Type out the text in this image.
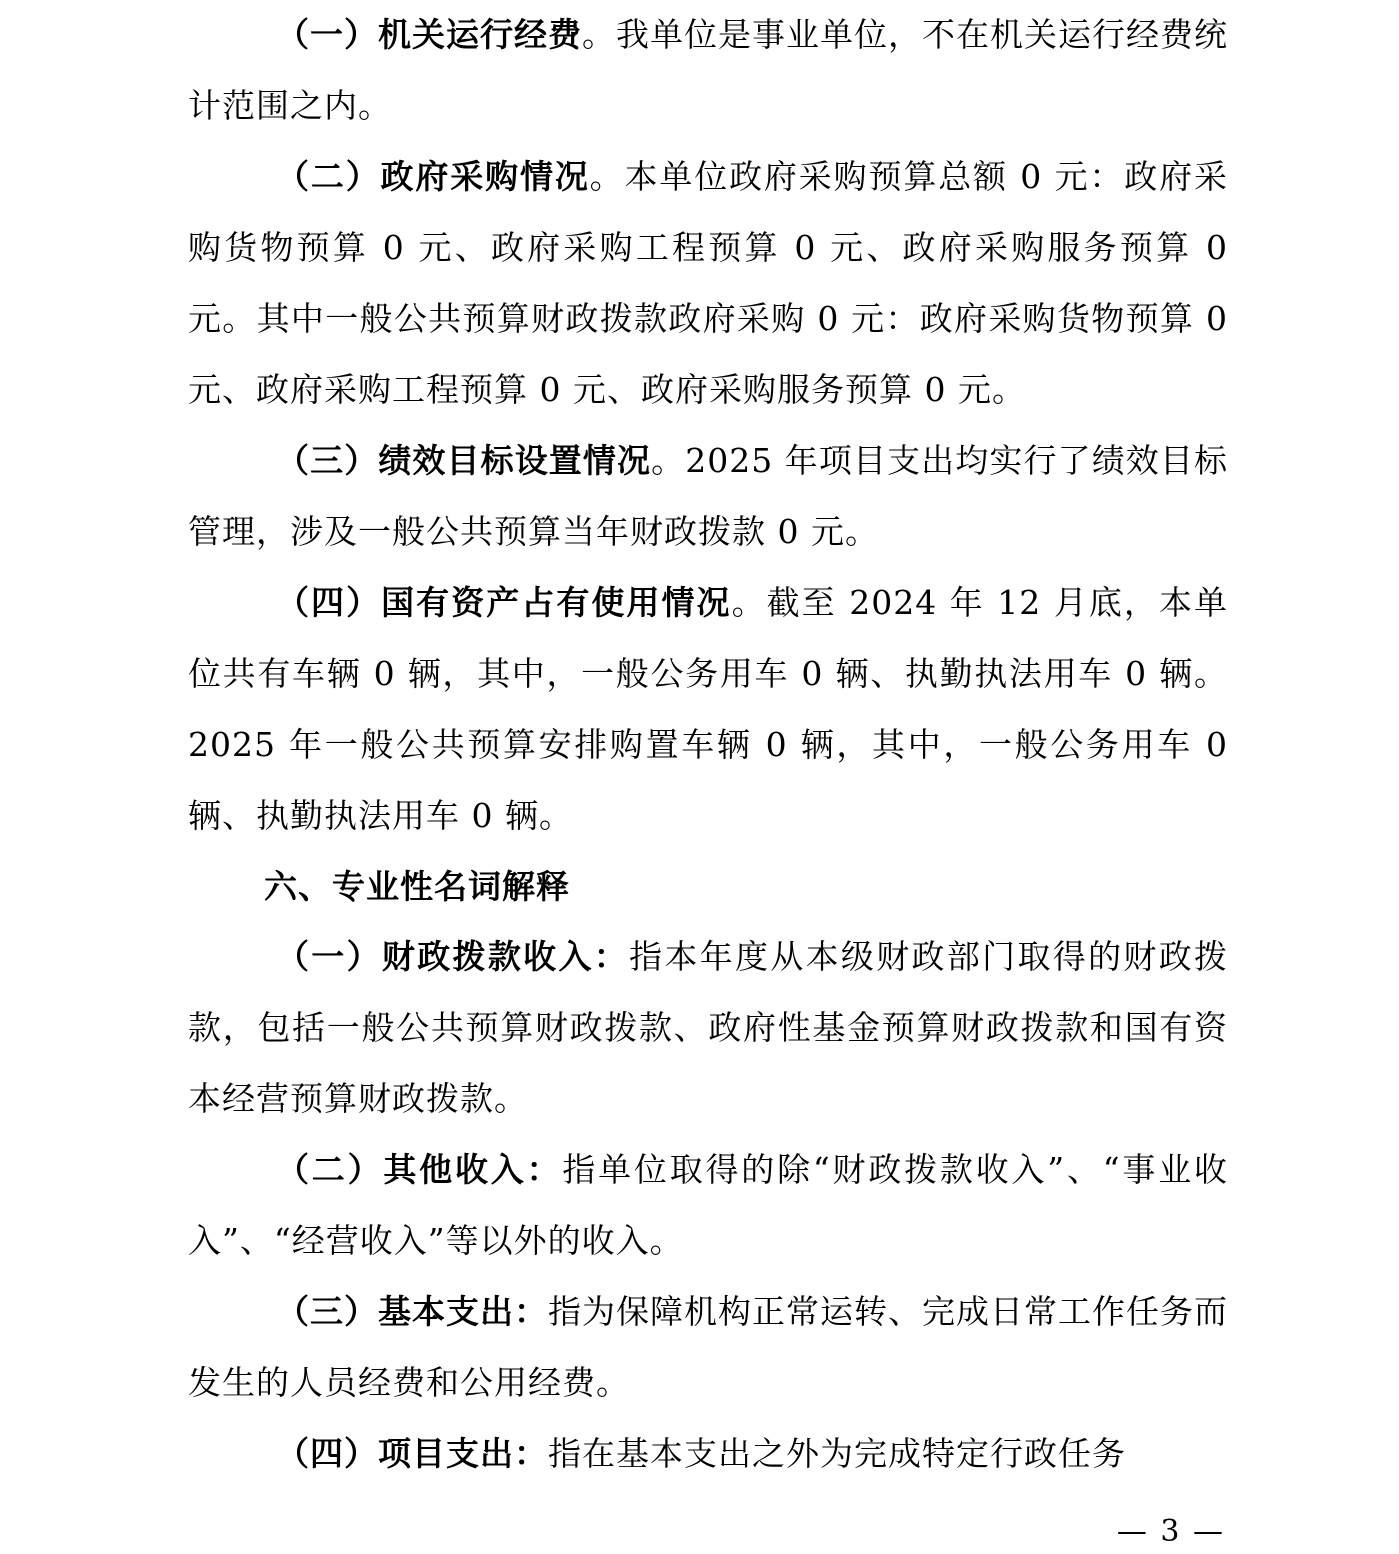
（一）机关运行经费。我单位是事业单位，不在机关运行经费统计范围之内。

（二）政府采购情况。本单位政府采购预算总额 0 元：政府采购货物预算 0 元、政府采购工程预算 0 元、政府采购服务预算 0 元。其中一般公共预算财政拨款政府采购 0 元：政府采购货物预算 0 元、政府采购工程预算 0 元、政府采购服务预算 0 元。

（三）绩效目标设置情况。2025 年项目支出均实行了绩效目标管理，涉及一般公共预算当年财政拨款 0 元。

（四）国有资产占有使用情况。截至 2024 年 12 月底，本单位共有车辆 0 辆，其中，一般公务用车 0 辆、执勤执法用车 0 辆。2025 年一般公共预算安排购置车辆 0 辆，其中，一般公务用车 0 辆、执勤执法用车 0 辆。

六、专业性名词解释

（一）财政拨款收入：指本年度从本级财政部门取得的财政拨款，包括一般公共预算财政拨款、政府性基金预算财政拨款和国有资本经营预算财政拨款。

（二）其他收入：指单位取得的除“财政拨款收入”、“事业收入”、“经营收入”等以外的收入。

（三）基本支出：指为保障机构正常运转、完成日常工作任务而发生的人员经费和公用经费。

（四）项目支出：指在基本支出之外为完成特定行政任务

— 3 —
